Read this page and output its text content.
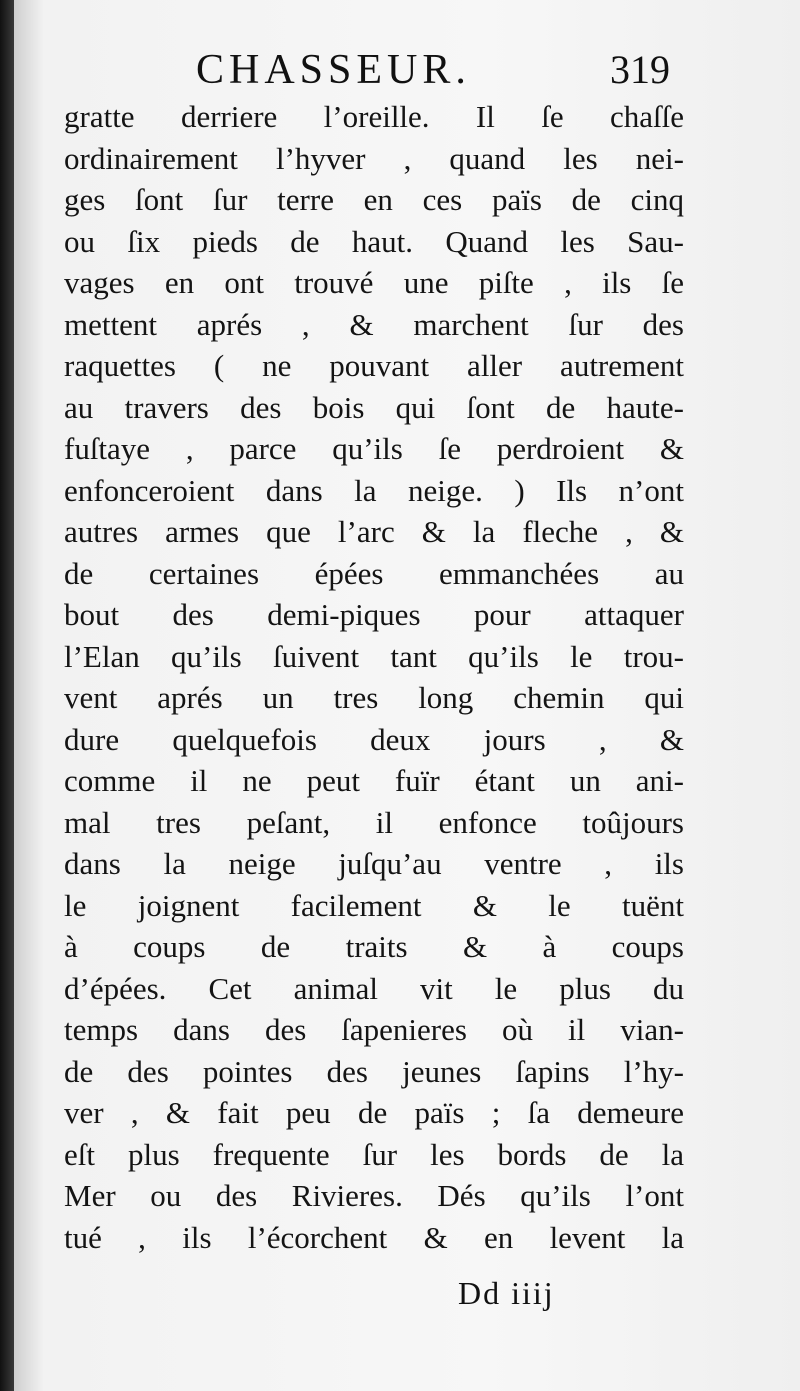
CHASSEUR.	319
gratte derriere l’oreille. Il ſe chaſſe
ordinairement l’hyver , quand les nei-
ges ſont ſur terre en ces païs de cinq
ou ſix pieds de haut. Quand les Sau-
vages en ont trouvé une piſte , ils ſe
mettent aprés , & marchent ſur des
raquettes ( ne pouvant aller autrement
au travers des bois qui ſont de haute-
fuſtaye , parce qu’ils ſe perdroient &
enfonceroient dans la neige. ) Ils n’ont
autres armes que l’arc & la fleche , &
de certaines épées emmanchées au
bout des demi-piques pour attaquer
l’Elan qu’ils ſuivent tant qu’ils le trou-
vent aprés un tres long chemin qui
dure quelquefois deux jours , &
comme il ne peut fuïr étant un ani-
mal tres peſant, il enfonce toûjours
dans la neige juſqu’au ventre , ils
le joignent facilement & le tuënt
à coups de traits & à coups
d’épées. Cet animal vit le plus du
temps dans des ſapenieres où il vian-
de des pointes des jeunes ſapins l’hy-
ver , & fait peu de païs ; ſa demeure
eſt plus frequente ſur les bords de la
Mer ou des Rivieres. Dés qu’ils l’ont
tué , ils l’écorchent & en levent la
Dd iiij
